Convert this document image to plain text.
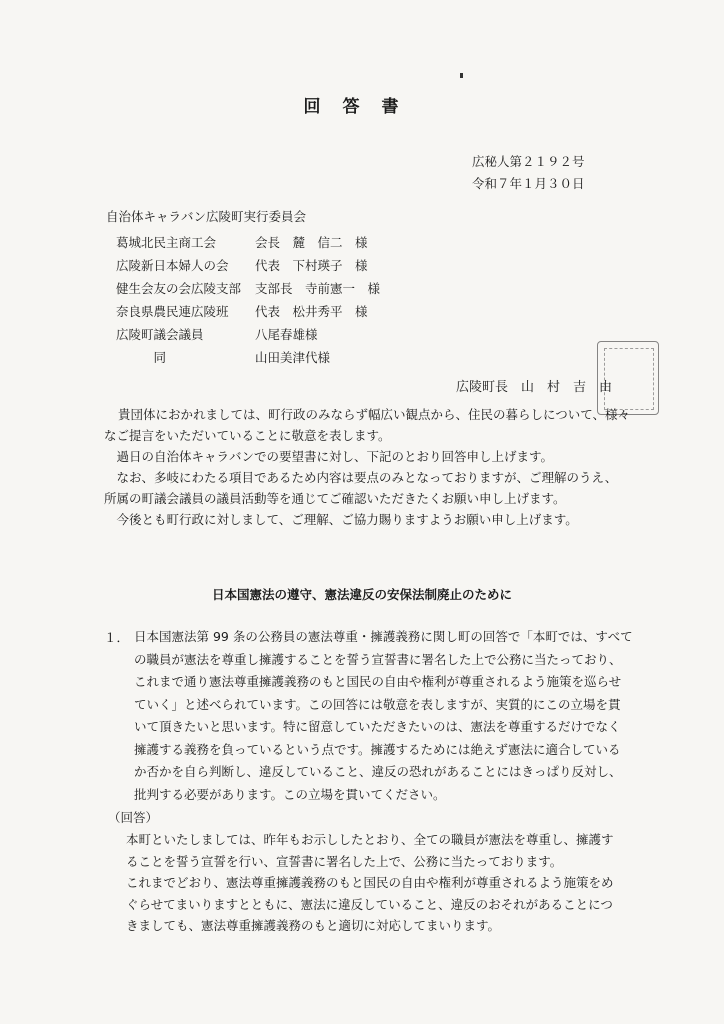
回答書
広秘人第２１９２号
令和７年１月３０日
自治体キャラバン広陵町実行委員会
葛城北民主商工会	会長　麓　信二　様
広陵新日本婦人の会 代表　下村瑛子　様
健生会友の会広陵支部 支部長　寺前憲一　様
奈良県農民連広陵班 代表　松井秀平　様
広陵町議会議員	八尾春雄様
　　　同	山田美津代様
広陵町長　山　村　吉　由
貴団体におかれましては、町行政のみならず幅広い観点から、住民の暮らしについて、様々
なご提言をいただいていることに敬意を表します。
　過日の自治体キャラバンでの要望書に対し、下記のとおり回答申し上げます。
　なお、多岐にわたる項目であるため内容は要点のみとなっておりますが、ご理解のうえ、
所属の町議会議員の議員活動等を通じてご確認いただきたくお願い申し上げます。
　今後とも町行政に対しまして、ご理解、ご協力賜りますようお願い申し上げます。
日本国憲法の遵守、憲法違反の安保法制廃止のために
１． 日本国憲法第 99 条の公務員の憲法尊重・擁護義務に関し町の回答で「本町では、すべて
の職員が憲法を尊重し擁護することを誓う宣誓書に署名した上で公務に当たっており、
これまで通り憲法尊重擁護義務のもと国民の自由や権利が尊重されるよう施策を巡らせ
ていく」と述べられています。この回答には敬意を表しますが、実質的にこの立場を貫
いて頂きたいと思います。特に留意していただきたいのは、憲法を尊重するだけでなく
擁護する義務を負っているという点です。擁護するためには絶えず憲法に適合している
か否かを自ら判断し、違反していること、違反の恐れがあることにはきっぱり反対し、
批判する必要があります。この立場を貫いてください。
（回答）
本町といたしましては、昨年もお示ししたとおり、全ての職員が憲法を尊重し、擁護す
ることを誓う宣誓を行い、宣誓書に署名した上で、公務に当たっております。
これまでどおり、憲法尊重擁護義務のもと国民の自由や権利が尊重されるよう施策をめ
ぐらせてまいりますとともに、憲法に違反していること、違反のおそれがあることにつ
きましても、憲法尊重擁護義務のもと適切に対応してまいります。
